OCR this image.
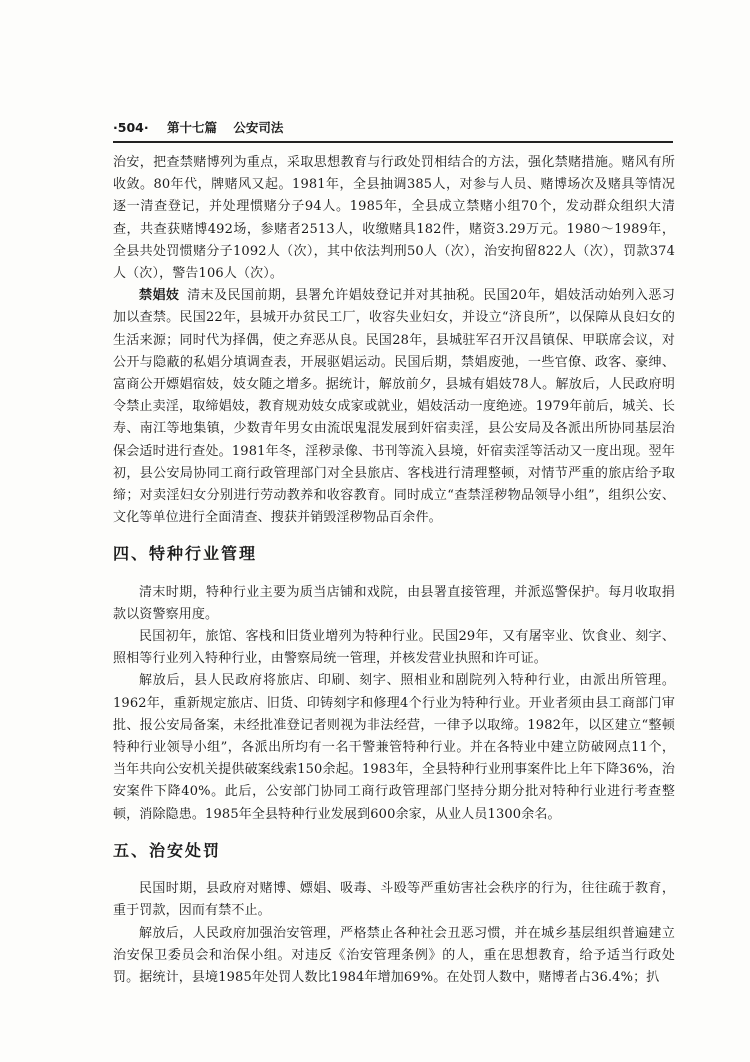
·504· 第十七篇 公安司法

治安，把查禁赌博列为重点，采取思想教育与行政处罚相结合的方法，强化禁赌措施。赌风有所收敛。80年代，牌赌风又起。1981年，全县抽调385人，对参与人员、赌博场次及赌具等情况逐一清查登记，并处理惯赌分子94人。1985年，全县成立禁赌小组70个，发动群众组织大清查，共查获赌博492场，参赌者2513人，收缴赌具182件，赌资3.29万元。1980～1989年，全县共处罚惯赌分子1092人（次），其中依法判刑50人（次），治安拘留822人（次），罚款374人（次），警告106人（次）。

禁娼妓 清末及民国前期，县署允许娼妓登记并对其抽税。民国20年，娼妓活动始列入恶习加以查禁。民国22年，县城开办贫民工厂，收容失业妇女，并设立“济良所”，以保障从良妇女的生活来源；同时代为择偶，使之弃恶从良。民国28年，县城驻军召开汉昌镇保、甲联席会议，对公开与隐蔽的私娼分填调查表，开展驱娼运动。民国后期，禁娼废弛，一些官僚、政客、豪绅、富商公开嫖娼宿妓，妓女随之增多。据统计，解放前夕，县城有娼妓78人。解放后，人民政府明令禁止卖淫，取缔娼妓，教育规劝妓女成家或就业，娼妓活动一度绝迹。1979年前后，城关、长寿、南江等地集镇，少数青年男女由流氓鬼混发展到奸宿卖淫，县公安局及各派出所协同基层治保会适时进行查处。1981年冬，淫秽录像、书刊等流入县境，奸宿卖淫等活动又一度出现。翌年初，县公安局协同工商行政管理部门对全县旅店、客栈进行清理整顿，对情节严重的旅店给予取缔；对卖淫妇女分别进行劳动教养和收容教育。同时成立“查禁淫秽物品领导小组”，组织公安、文化等单位进行全面清查、搜获并销毁淫秽物品百余件。

四、特种行业管理

清末时期，特种行业主要为质当店铺和戏院，由县署直接管理，并派巡警保护。每月收取捐款以资警察用度。

民国初年，旅馆、客栈和旧货业增列为特种行业。民国29年，又有屠宰业、饮食业、刻字、照相等行业列入特种行业，由警察局统一管理，并核发营业执照和许可证。

解放后，县人民政府将旅店、印刷、刻字、照相业和剧院列入特种行业，由派出所管理。1962年，重新规定旅店、旧货、印铸刻字和修理4个行业为特种行业。开业者须由县工商部门审批、报公安局备案，未经批准登记者则视为非法经营，一律予以取缔。1982年，以区建立“整顿特种行业领导小组”，各派出所均有一名干警兼管特种行业。并在各特业中建立防破网点11个，当年共向公安机关提供破案线索150余起。1983年，全县特种行业刑事案件比上年下降36%，治安案件下降40%。此后，公安部门协同工商行政管理部门坚持分期分批对特种行业进行考查整顿，消除隐患。1985年全县特种行业发展到600余家，从业人员1300余名。

五、治安处罚

民国时期，县政府对赌博、嫖娼、吸毒、斗殴等严重妨害社会秩序的行为，往往疏于教育，重于罚款，因而有禁不止。

解放后，人民政府加强治安管理，严格禁止各种社会丑恶习惯，并在城乡基层组织普遍建立治安保卫委员会和治保小组。对违反《治安管理条例》的人，重在思想教育，给予适当行政处罚。据统计，县境1985年处罚人数比1984年增加69%。在处罚人数中，赌博者占36.4%；扒
